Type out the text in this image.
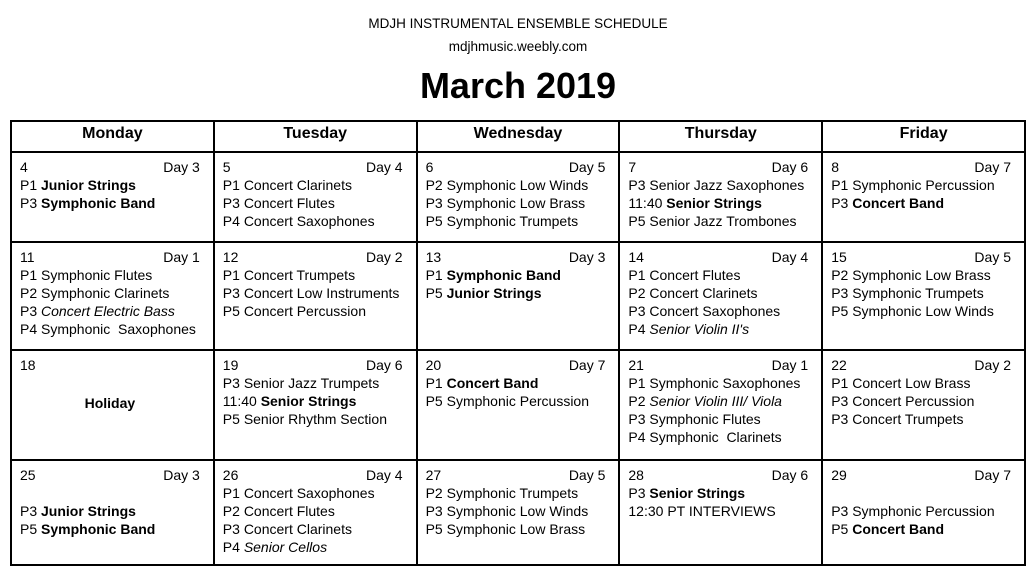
MDJH INSTRUMENTAL ENSEMBLE SCHEDULE
mdjhmusic.weebly.com
March 2019
Monday	Tuesday	Wednesday	Thursday	Friday

4	Day 3
P1 Junior Strings
P3 Symphonic Band

5	Day 4
P1 Concert Clarinets
P3 Concert Flutes
P4 Concert Saxophones

6	Day 5
P2 Symphonic Low Winds
P3 Symphonic Low Brass
P5 Symphonic Trumpets

7	Day 6
P3 Senior Jazz Saxophones
11:40 Senior Strings
P5 Senior Jazz Trombones

8	Day 7
P1 Symphonic Percussion
P3 Concert Band

11	Day 1
P1 Symphonic Flutes
P2 Symphonic Clarinets
P3 Concert Electric Bass
P4 Symphonic  Saxophones

12	Day 2
P1 Concert Trumpets
P3 Concert Low Instruments
P5 Concert Percussion

13	Day 3
P1 Symphonic Band
P5 Junior Strings

14	Day 4
P1 Concert Flutes
P2 Concert Clarinets
P3 Concert Saxophones
P4 Senior Violin II's

15	Day 5
P2 Symphonic Low Brass
P3 Symphonic Trumpets
P5 Symphonic Low Winds

18
Holiday

19	Day 6
P3 Senior Jazz Trumpets
11:40 Senior Strings
P5 Senior Rhythm Section

20	Day 7
P1 Concert Band
P5 Symphonic Percussion

21	Day 1
P1 Symphonic Saxophones
P2 Senior Violin III/ Viola
P3 Symphonic Flutes
P4 Symphonic  Clarinets

22	Day 2
P1 Concert Low Brass
P3 Concert Percussion
P3 Concert Trumpets

25	Day 3

P3 Junior Strings
P5 Symphonic Band

26	Day 4
P1 Concert Saxophones
P2 Concert Flutes
P3 Concert Clarinets
P4 Senior Cellos

27	Day 5
P2 Symphonic Trumpets
P3 Symphonic Low Winds
P5 Symphonic Low Brass

28	Day 6
P3 Senior Strings
12:30 PT INTERVIEWS

29	Day 7

P3 Symphonic Percussion
P5 Concert Band
